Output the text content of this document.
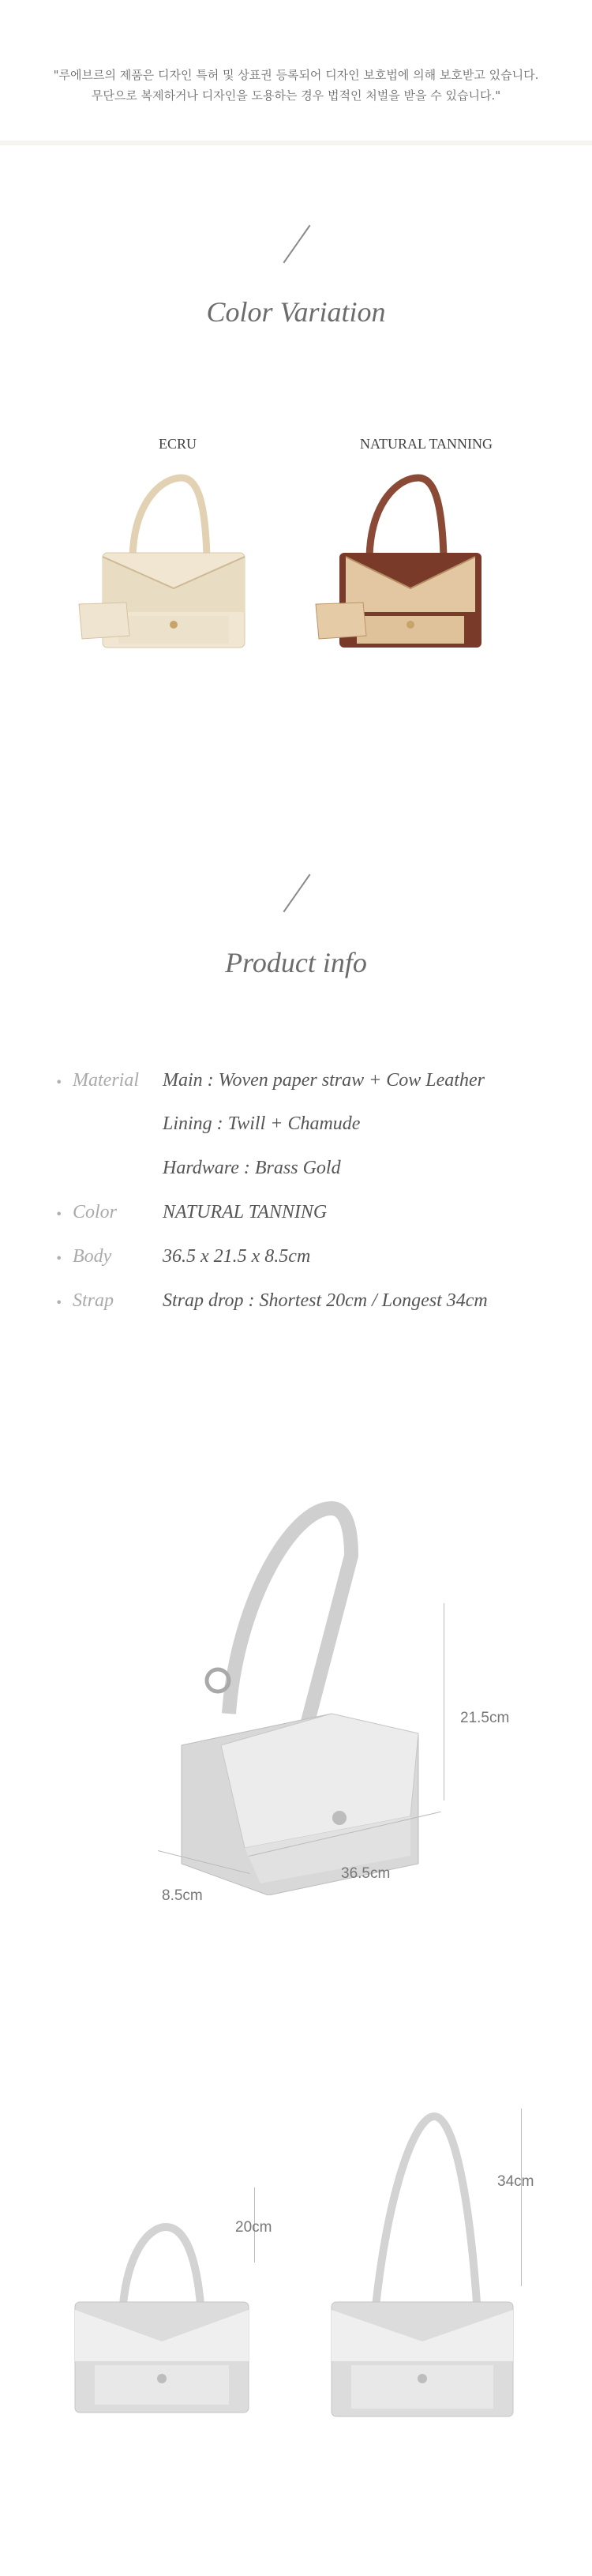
"루에브르의 제품은 디자인 특허 및 상표권 등록되어 디자인 보호법에 의해 보호받고 있습니다.

무단으로 복제하거나 디자인을 도용하는 경우 법적인 처벌을 받을 수 있습니다."

Color Variation
ECRU	NATURAL TANNING
Product info
• Material Main : Woven paper straw + Cow Leather
Lining : Twill + Chamude
Hardware : Brass Gold
• Color NATURAL TANNING
• Body	36.5 x 21.5 x 8.5cm
• Strap	Strap drop : Shortest 20cm / Longest 34cm
21.5cm
36.5cm
8.5cm
20cm
34cm
